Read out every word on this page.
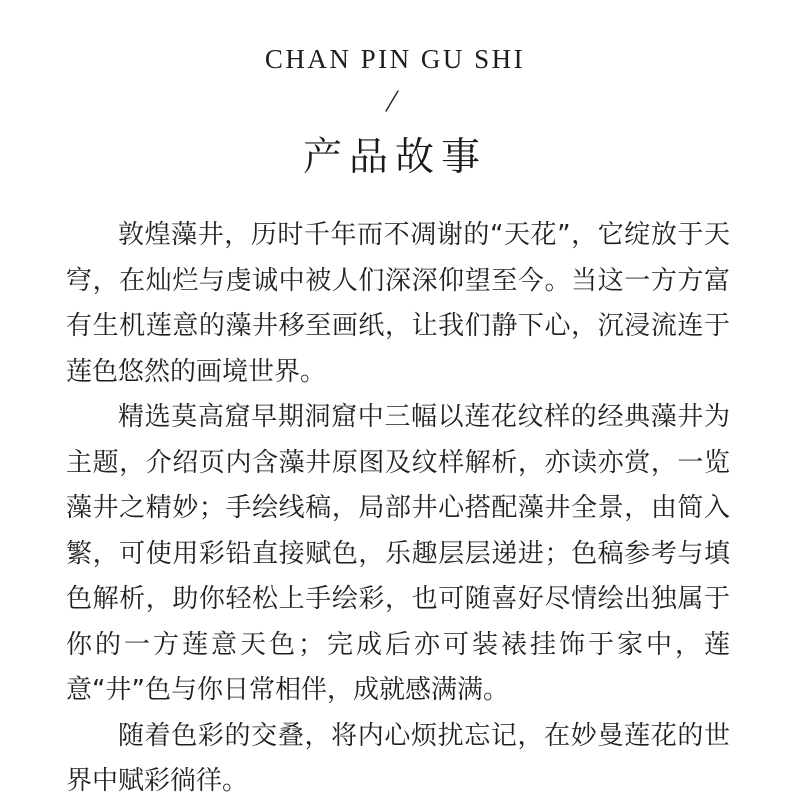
CHAN PIN GU SHI
产品故事

敦煌藻井，历时千年而不凋谢的“天花”，它绽放于天穹，在灿烂与虔诚中被人们深深仰望至今。当这一方方富有生机莲意的藻井移至画纸，让我们静下心，沉浸流连于莲色悠然的画境世界。

精选莫高窟早期洞窟中三幅以莲花纹样的经典藻井为主题，介绍页内含藻井原图及纹样解析，亦读亦赏，一览藻井之精妙；手绘线稿，局部井心搭配藻井全景，由简入繁，可使用彩铅直接赋色，乐趣层层递进；色稿参考与填色解析，助你轻松上手绘彩，也可随喜好尽情绘出独属于你的一方莲意天色；完成后亦可装裱挂饰于家中，莲意“井”色与你日常相伴，成就感满满。

随着色彩的交叠，将内心烦扰忘记，在妙曼莲花的世界中赋彩徜徉。
